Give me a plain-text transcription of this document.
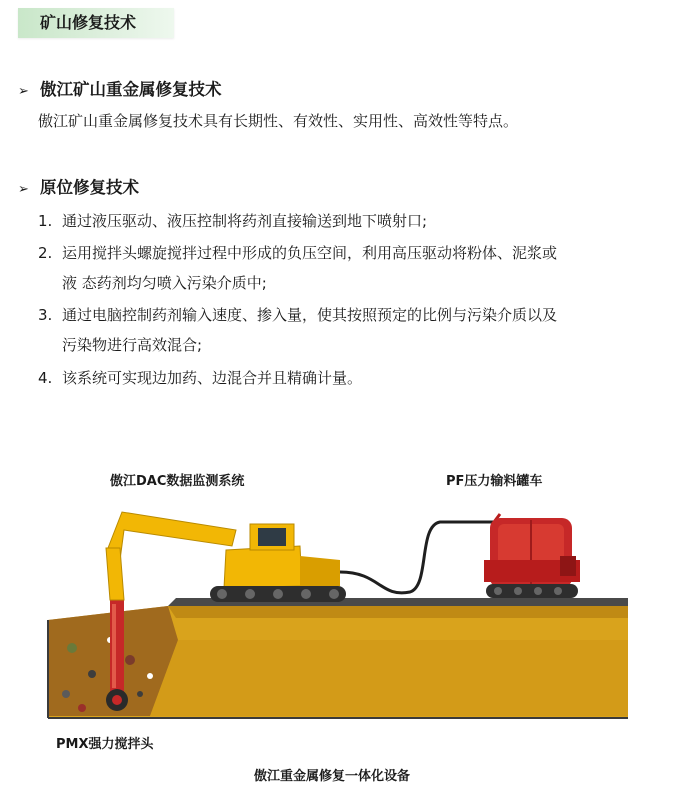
矿山修复技术
➢ 傲江矿山重金属修复技术
傲江矿山重金属修复技术具有长期性、有效性、实用性、高效性等特点。
➢ 原位修复技术
1. 通过液压驱动、液压控制将药剂直接输送到地下喷射口;
2. 运用搅拌头螺旋搅拌过程中形成的负压空间，利用高压驱动将粉体、泥浆或
液 态药剂均匀喷入污染介质中;
3. 通过电脑控制药剂输入速度、掺入量，使其按照预定的比例与污染介质以及
污染物进行高效混合;
4. 该系统可实现边加药、边混合并且精确计量。
傲江DAC数据监测系统	PF压力输料罐车
PMX强力搅拌头
傲江重金属修复一体化设备
